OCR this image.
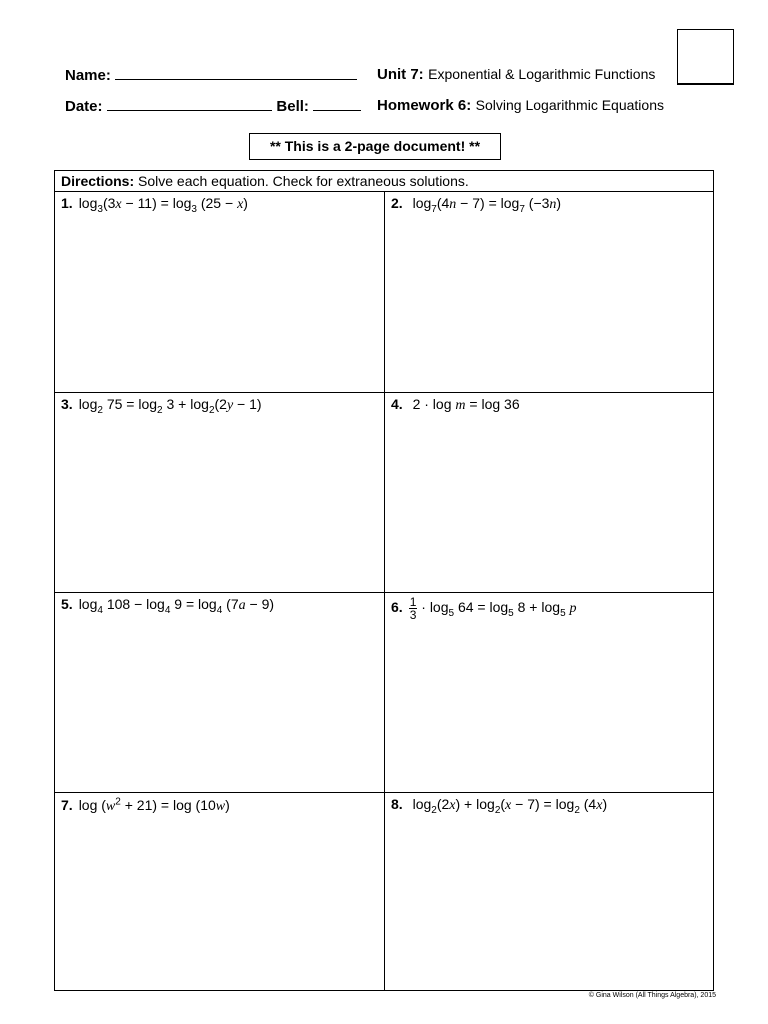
Name:
Date:	Bell:
Unit 7: Exponential & Logarithmic Functions
Homework 6: Solving Logarithmic Equations
** This is a 2-page document! **
Directions: Solve each equation. Check for extraneous solutions.
1. $\log_3(3x - 11) = \log_3 (25 - x)$	2. $\log_7(4n - 7) = \log_7 (-3n)$
3. $\log_2 75 = \log_2 3 + \log_2(2y - 1)$	4. 2 · log m = log 36
5. $\log_4 108 - \log_4 9 = \log_4 (7a - 9)$	6. $\frac{1}{3} \cdot \log_5 64 = \log_5 8 + \log_5 p$
7. $\log (w^2 + 21) = \log (10w)$	8. $\log_2(2x) + \log_2(x - 7) = \log_2 (4x)$
© Gina Wilson (All Things Algebra), 2015
